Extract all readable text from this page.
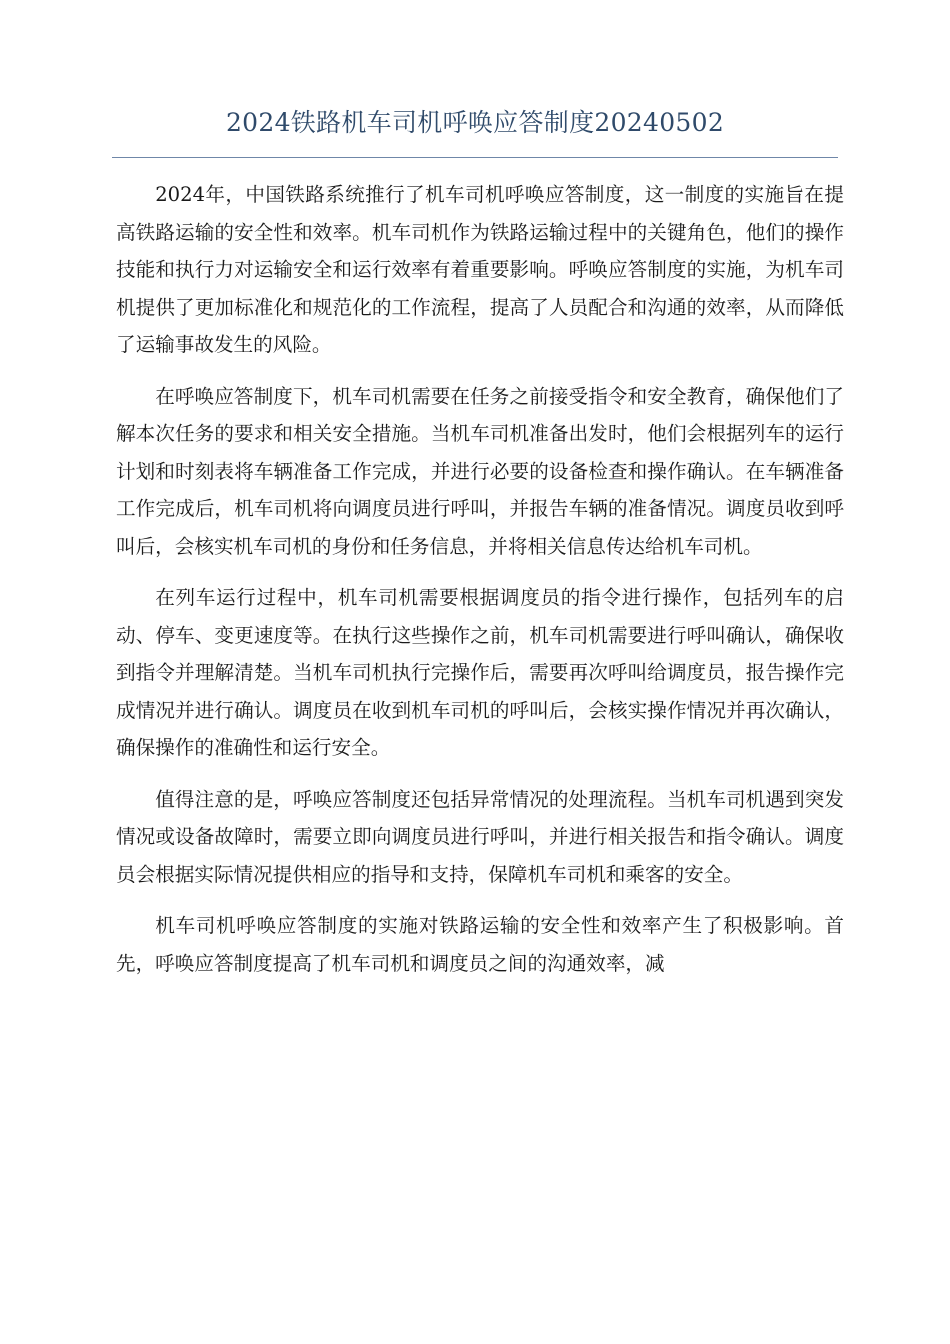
2024铁路机车司机呼唤应答制度20240502

2024年，中国铁路系统推行了机车司机呼唤应答制度，这一制度的实施旨在提高铁路运输的安全性和效率。机车司机作为铁路运输过程中的关键角色，他们的操作技能和执行力对运输安全和运行效率有着重要影响。呼唤应答制度的实施，为机车司机提供了更加标准化和规范化的工作流程，提高了人员配合和沟通的效率，从而降低了运输事故发生的风险。

在呼唤应答制度下，机车司机需要在任务之前接受指令和安全教育，确保他们了解本次任务的要求和相关安全措施。当机车司机准备出发时，他们会根据列车的运行计划和时刻表将车辆准备工作完成，并进行必要的设备检查和操作确认。在车辆准备工作完成后，机车司机将向调度员进行呼叫，并报告车辆的准备情况。调度员收到呼叫后，会核实机车司机的身份和任务信息，并将相关信息传达给机车司机。

在列车运行过程中，机车司机需要根据调度员的指令进行操作，包括列车的启动、停车、变更速度等。在执行这些操作之前，机车司机需要进行呼叫确认，确保收到指令并理解清楚。当机车司机执行完操作后，需要再次呼叫给调度员，报告操作完成情况并进行确认。调度员在收到机车司机的呼叫后，会核实操作情况并再次确认，确保操作的准确性和运行安全。

值得注意的是，呼唤应答制度还包括异常情况的处理流程。当机车司机遇到突发情况或设备故障时，需要立即向调度员进行呼叫，并进行相关报告和指令确认。调度员会根据实际情况提供相应的指导和支持，保障机车司机和乘客的安全。

机车司机呼唤应答制度的实施对铁路运输的安全性和效率产生了积极影响。首先，呼唤应答制度提高了机车司机和调度员之间的沟通效率，减
